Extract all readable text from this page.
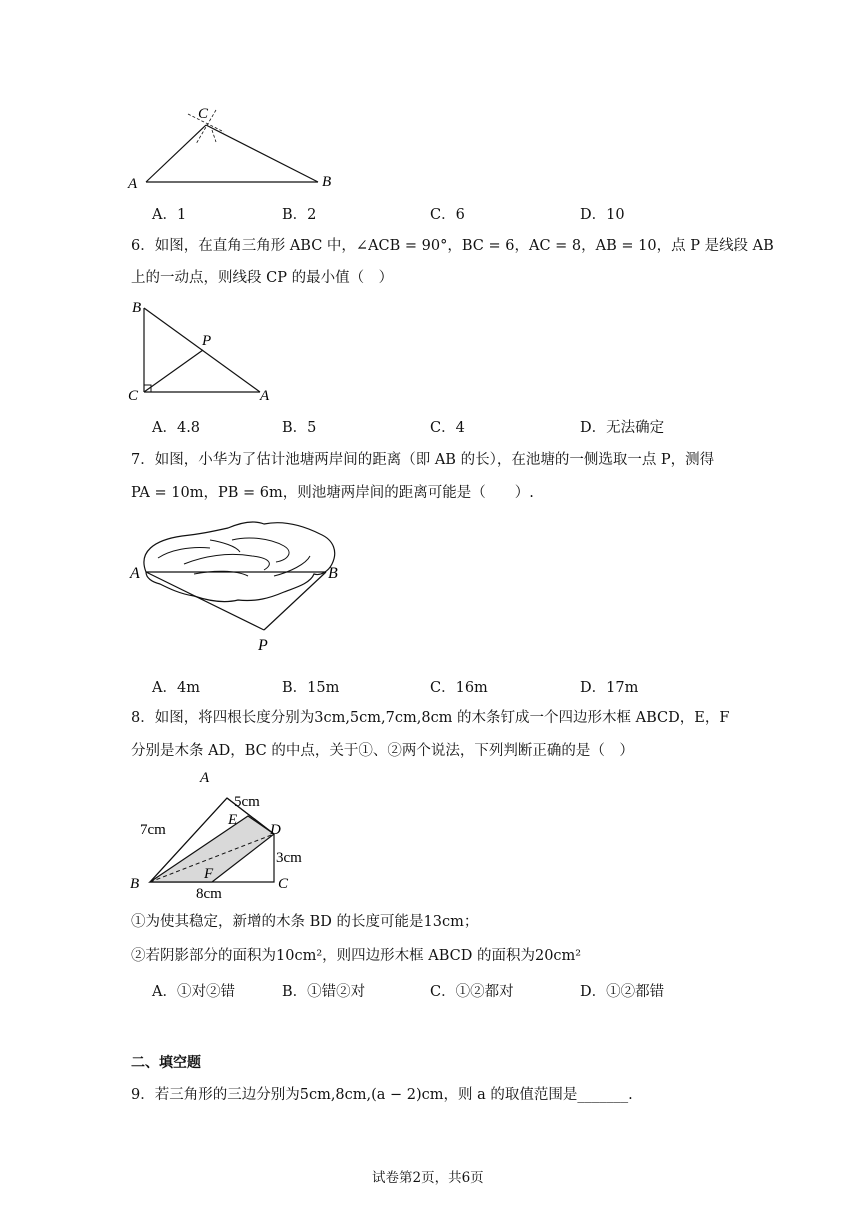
C
A	B
A．1	B．2	C．6	D．10
6．如图，在直角三角形 ABC 中，∠ACB = 90°，BC = 6，AC = 8，AB = 10，点 P 是线段 AB
上的一动点，则线段 CP 的最小值（　）
B
P
C	A
A．4.8	B．5	C．4	D．无法确定
7．如图，小华为了估计池塘两岸间的距离（即 AB 的长），在池塘的一侧选取一点 P，测得
PA = 10m，PB = 6m，则池塘两岸间的距离可能是（　　）.
A	B
P
A．4m	B．15m	C．16m	D．17m
8．如图，将四根长度分别为3cm,5cm,7cm,8cm 的木条钉成一个四边形木框 ABCD，E，F
分别是木条 AD，BC 的中点，关于①、②两个说法，下列判断正确的是（　）
A
5cm
E
D
7cm
3cm
F
B	C
8cm
①为使其稳定，新增的木条 BD 的长度可能是13cm；
②若阴影部分的面积为10cm²，则四边形木框 ABCD 的面积为20cm²
A．①对②错	B．①错②对	C．①②都对	D．①②都错
二、填空题
9．若三角形的三边分别为5cm,8cm,(a − 2)cm，则 a 的取值范围是_______.
试卷第2页，共6页
